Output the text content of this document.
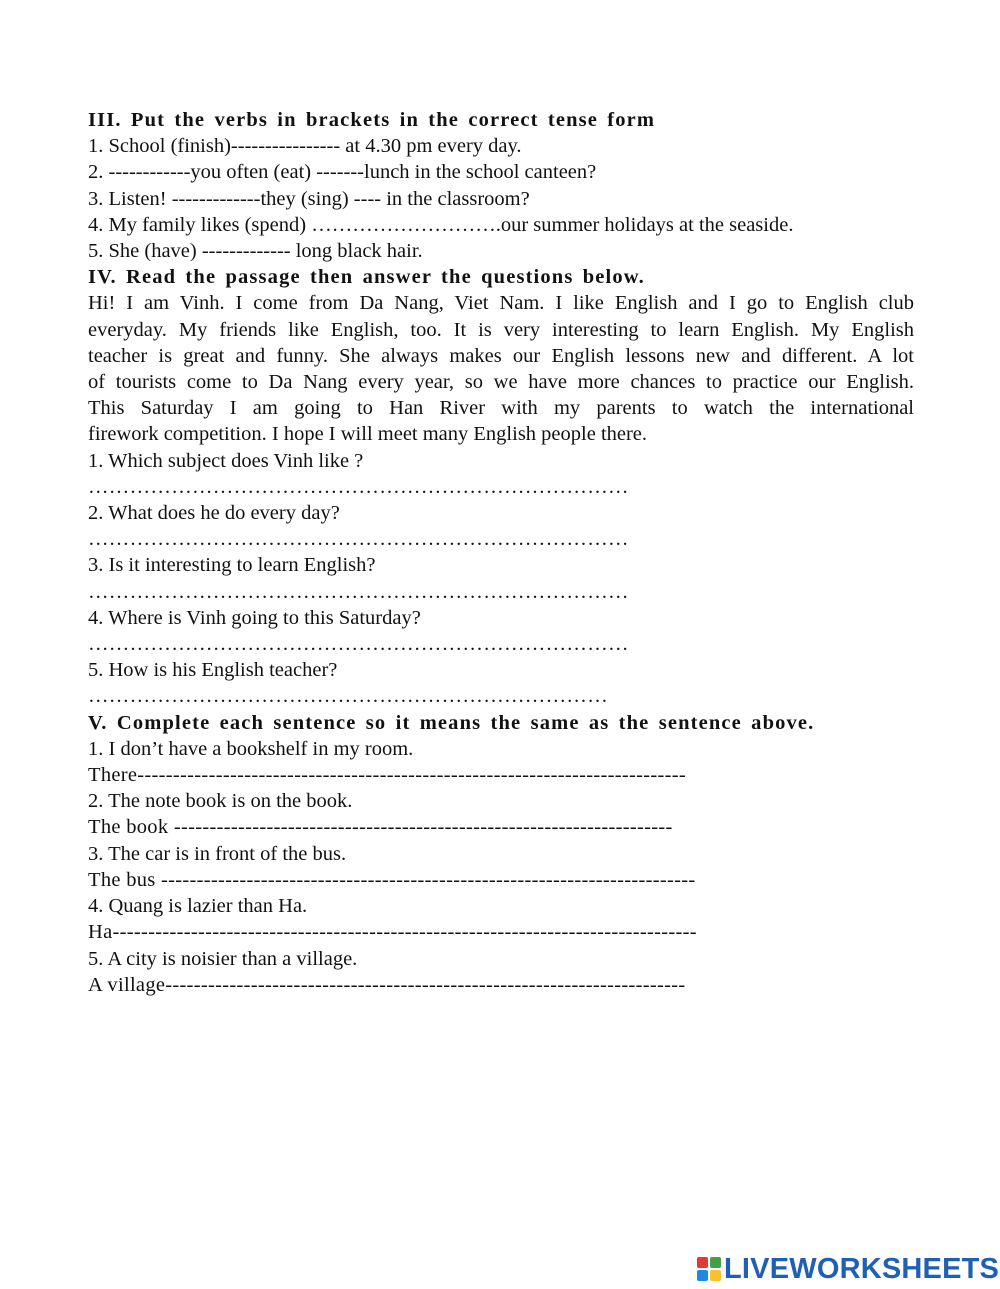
III. Put the verbs in brackets in the correct tense form
1. School (finish)---------------- at 4.30 pm every day.
2. ------------you often (eat) -------lunch in the school canteen?
3. Listen! -------------they (sing) ---- in the classroom?
4. My family likes (spend) ……………………….our summer holidays at the seaside.
5. She (have) ------------- long black hair.
IV. Read the passage then answer the questions below.
Hi! I am Vinh. I come from Da Nang, Viet Nam. I like English and I go to English club
everyday. My friends like English, too. It is very interesting to learn English. My English
teacher is great and funny. She always makes our English lessons new and different. A lot
of tourists come to Da Nang every year, so we have more chances to practice our English.
This Saturday I am going to Han River with my parents to watch the international
firework competition. I hope I will meet many English people there.
1. Which subject does Vinh like ?
……………………………………………………………………
2. What does he do every day?
……………………………………………………………………
3. Is it interesting to learn English?
……………………………………………………………………
4. Where is Vinh going to this Saturday?
……………………………………………………………………
5. How is his English teacher?
…………………………………………………………………
V. Complete each sentence so it means the same as the sentence above.
1. I don’t have a bookshelf in my room.
There-----------------------------------------------------------------------------
2. The note book is on the book.
The book ----------------------------------------------------------------------
3. The car is in front of the bus.
The bus ---------------------------------------------------------------------------
4. Quang is lazier than Ha.
Ha----------------------------------------------------------------------------------
5. A city is noisier than a village.
A village-------------------------------------------------------------------------
LIVEWORKSHEETS
